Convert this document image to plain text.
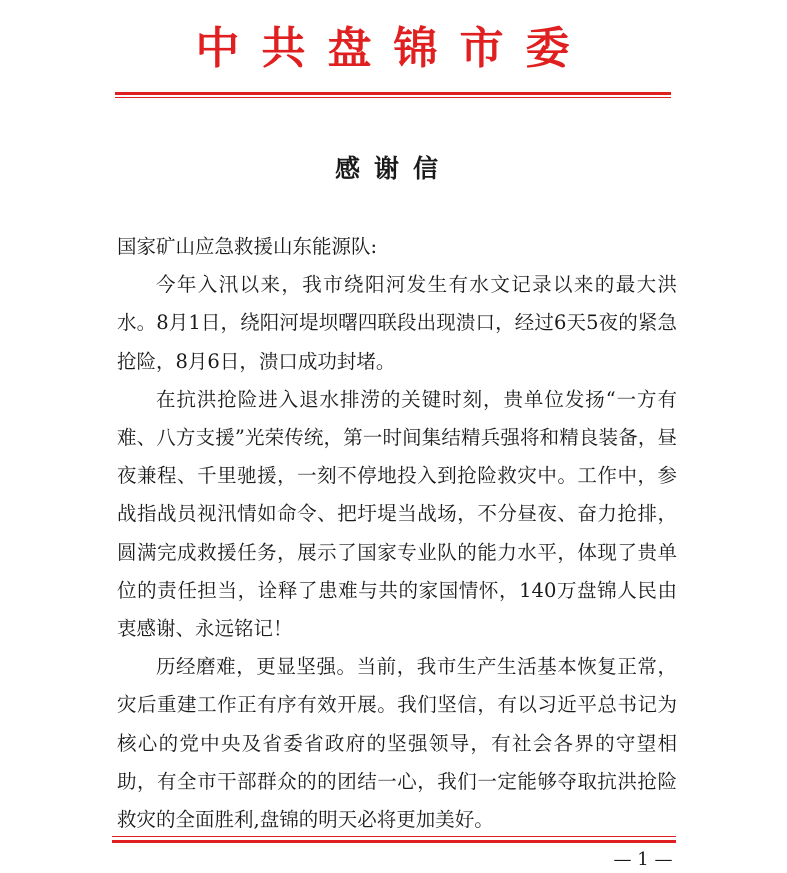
中共盘锦市委
感谢信

国家矿山应急救援山东能源队:

今年入汛以来，我市绕阳河发生有水文记录以来的最大洪水。8月1日，绕阳河堤坝曙四联段出现溃口，经过6天5夜的紧急抢险，8月6日，溃口成功封堵。

在抗洪抢险进入退水排涝的关键时刻，贵单位发扬“一方有难、八方支援”光荣传统，第一时间集结精兵强将和精良装备，昼夜兼程、千里驰援，一刻不停地投入到抢险救灾中。工作中，参战指战员视汛情如命令、把圩堤当战场，不分昼夜、奋力抢排，圆满完成救援任务，展示了国家专业队的能力水平，体现了贵单位的责任担当，诠释了患难与共的家国情怀，140万盘锦人民由衷感谢、永远铭记！

历经磨难，更显坚强。当前，我市生产生活基本恢复正常，灾后重建工作正有序有效开展。我们坚信，有以习近平总书记为核心的党中央及省委省政府的坚强领导，有社会各界的守望相助，有全市干部群众的的团结一心，我们一定能够夺取抗洪抢险救灾的全面胜利,盘锦的明天必将更加美好。

— 1 —
